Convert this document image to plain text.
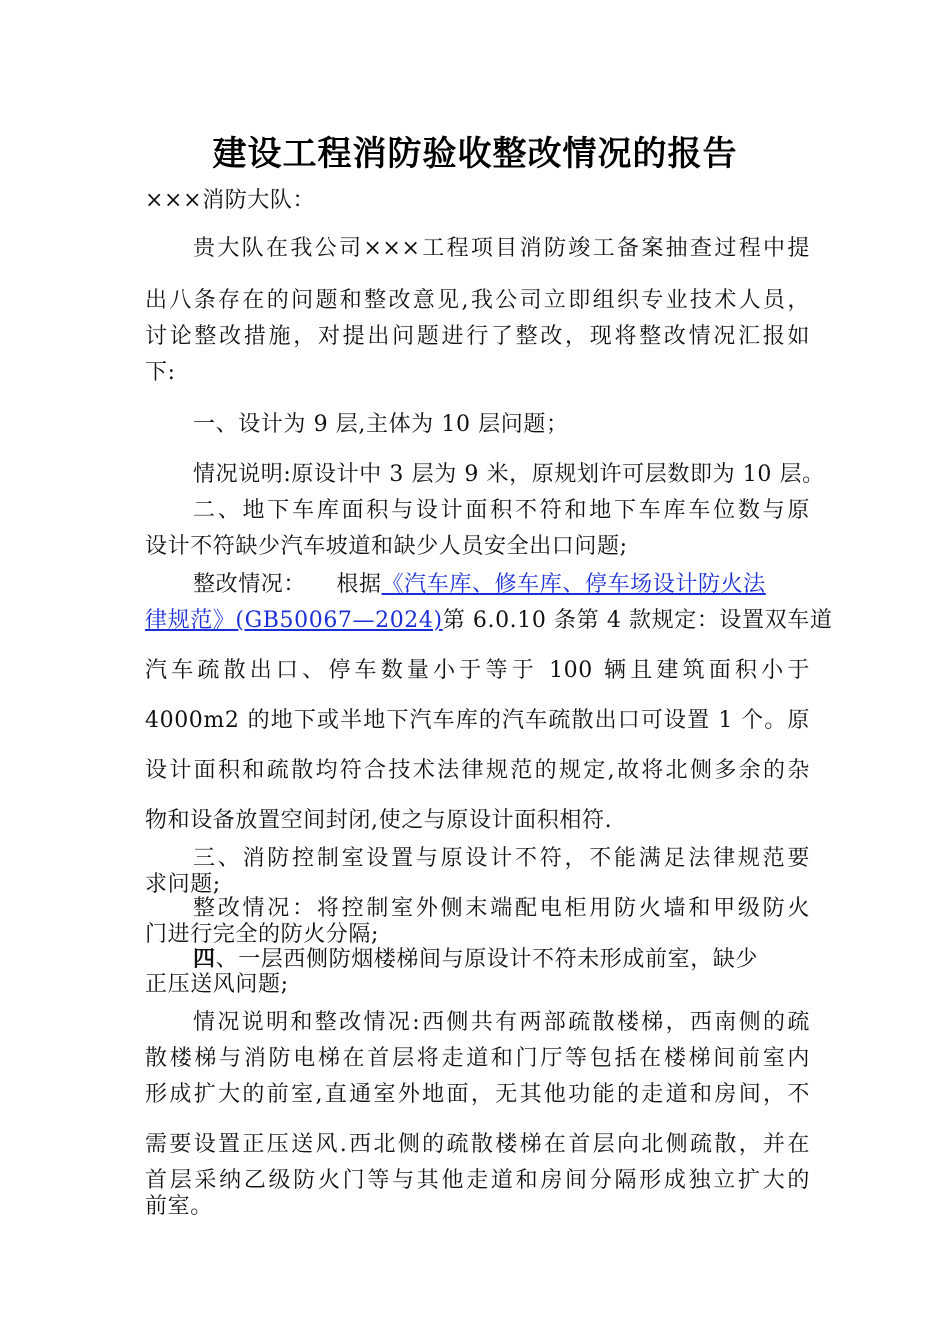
建设工程消防验收整改情况的报告
×××消防大队：
贵大队在我公司×××工程项目消防竣工备案抽查过程中提
出八条存在的问题和整改意见,我公司立即组织专业技术人员，
讨论整改措施，对提出问题进行了整改，现将整改情况汇报如
下:
一、设计为 9 层,主体为 10 层问题；
情况说明:原设计中 3 层为 9 米，原规划许可层数即为 10 层。
二、地下车库面积与设计面积不符和地下车库车位数与原
设计不符缺少汽车坡道和缺少人员安全出口问题;
整改情况：    根据《汽车库、修车库、停车场设计防火法
律规范》(GB50067—2024)第 6.0.10 条第 4 款规定：设置双车道
汽车疏散出口、停车数量小于等于 100 辆且建筑面积小于
4000m2 的地下或半地下汽车库的汽车疏散出口可设置 1 个。原
设计面积和疏散均符合技术法律规范的规定,故将北侧多余的杂
物和设备放置空间封闭,使之与原设计面积相符.
三、消防控制室设置与原设计不符，不能满足法律规范要
求问题;
整改情况：将控制室外侧末端配电柜用防火墙和甲级防火
门进行完全的防火分隔;
四、一层西侧防烟楼梯间与原设计不符未形成前室，缺少
正压送风问题;
情况说明和整改情况:西侧共有两部疏散楼梯，西南侧的疏
散楼梯与消防电梯在首层将走道和门厅等包括在楼梯间前室内
形成扩大的前室,直通室外地面，无其他功能的走道和房间，不
需要设置正压送风.西北侧的疏散楼梯在首层向北侧疏散，并在
首层采纳乙级防火门等与其他走道和房间分隔形成独立扩大的
前室。
